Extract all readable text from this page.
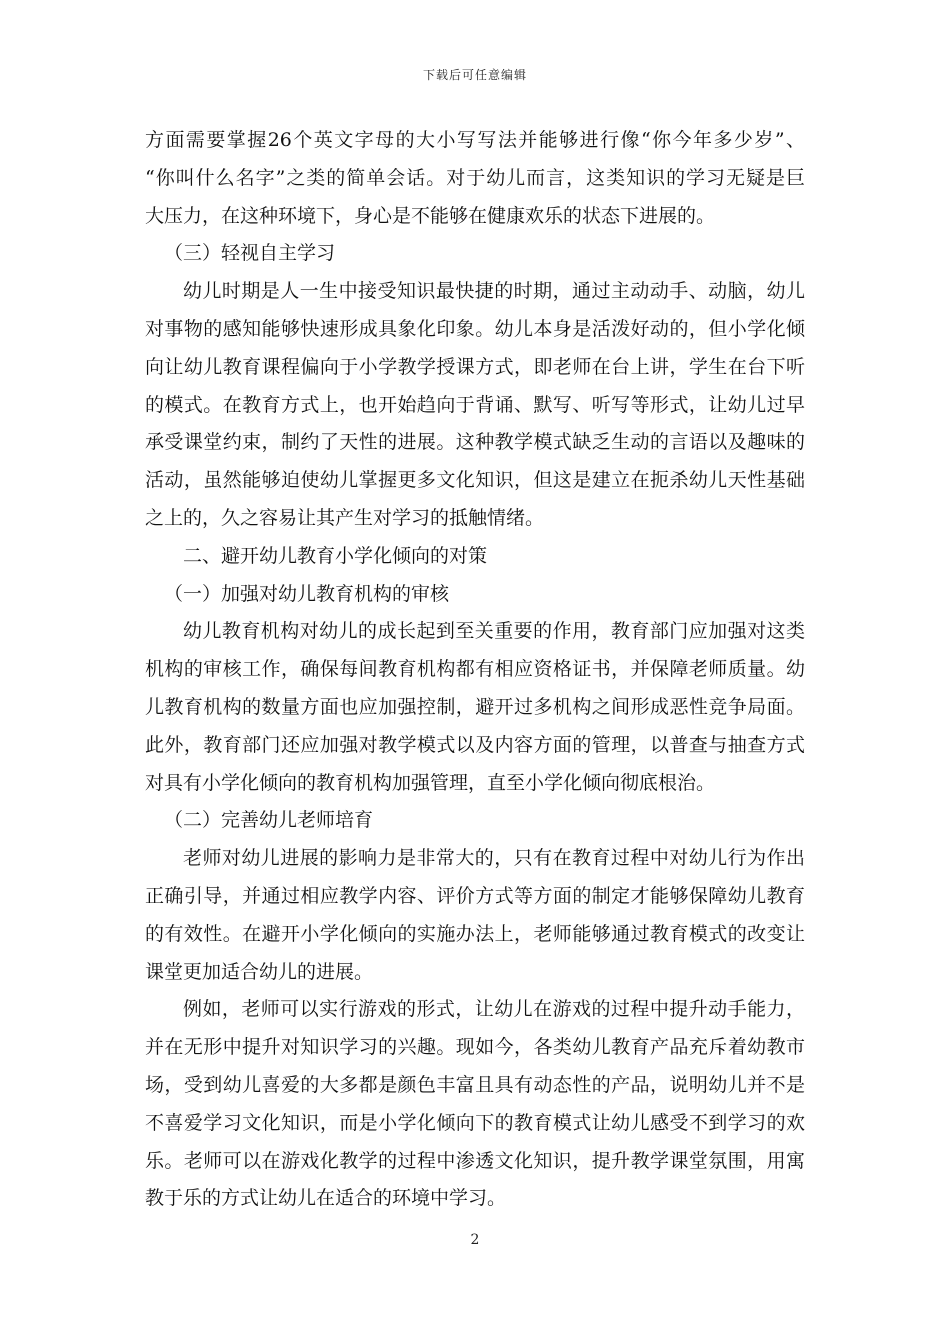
下载后可任意编辑
方面需要掌握26个英文字母的大小写写法并能够进行像“你今年多少岁”、
“你叫什么名字”之类的简单会话。对于幼儿而言，这类知识的学习无疑是巨
大压力，在这种环境下，身心是不能够在健康欢乐的状态下进展的。
（三）轻视自主学习
幼儿时期是人一生中接受知识最快捷的时期，通过主动动手、动脑，幼儿
对事物的感知能够快速形成具象化印象。幼儿本身是活泼好动的，但小学化倾
向让幼儿教育课程偏向于小学教学授课方式，即老师在台上讲，学生在台下听
的模式。在教育方式上，也开始趋向于背诵、默写、听写等形式，让幼儿过早
承受课堂约束，制约了天性的进展。这种教学模式缺乏生动的言语以及趣味的
活动，虽然能够迫使幼儿掌握更多文化知识，但这是建立在扼杀幼儿天性基础
之上的，久之容易让其产生对学习的抵触情绪。
二、避开幼儿教育小学化倾向的对策
（一）加强对幼儿教育机构的审核
幼儿教育机构对幼儿的成长起到至关重要的作用，教育部门应加强对这类
机构的审核工作，确保每间教育机构都有相应资格证书，并保障老师质量。幼
儿教育机构的数量方面也应加强控制，避开过多机构之间形成恶性竞争局面。
此外，教育部门还应加强对教学模式以及内容方面的管理，以普查与抽查方式
对具有小学化倾向的教育机构加强管理，直至小学化倾向彻底根治。
（二）完善幼儿老师培育
老师对幼儿进展的影响力是非常大的，只有在教育过程中对幼儿行为作出
正确引导，并通过相应教学内容、评价方式等方面的制定才能够保障幼儿教育
的有效性。在避开小学化倾向的实施办法上，老师能够通过教育模式的改变让
课堂更加适合幼儿的进展。
例如，老师可以实行游戏的形式，让幼儿在游戏的过程中提升动手能力，
并在无形中提升对知识学习的兴趣。现如今，各类幼儿教育产品充斥着幼教市
场，受到幼儿喜爱的大多都是颜色丰富且具有动态性的产品，说明幼儿并不是
不喜爱学习文化知识，而是小学化倾向下的教育模式让幼儿感受不到学习的欢
乐。老师可以在游戏化教学的过程中渗透文化知识，提升教学课堂氛围，用寓
教于乐的方式让幼儿在适合的环境中学习。
2
